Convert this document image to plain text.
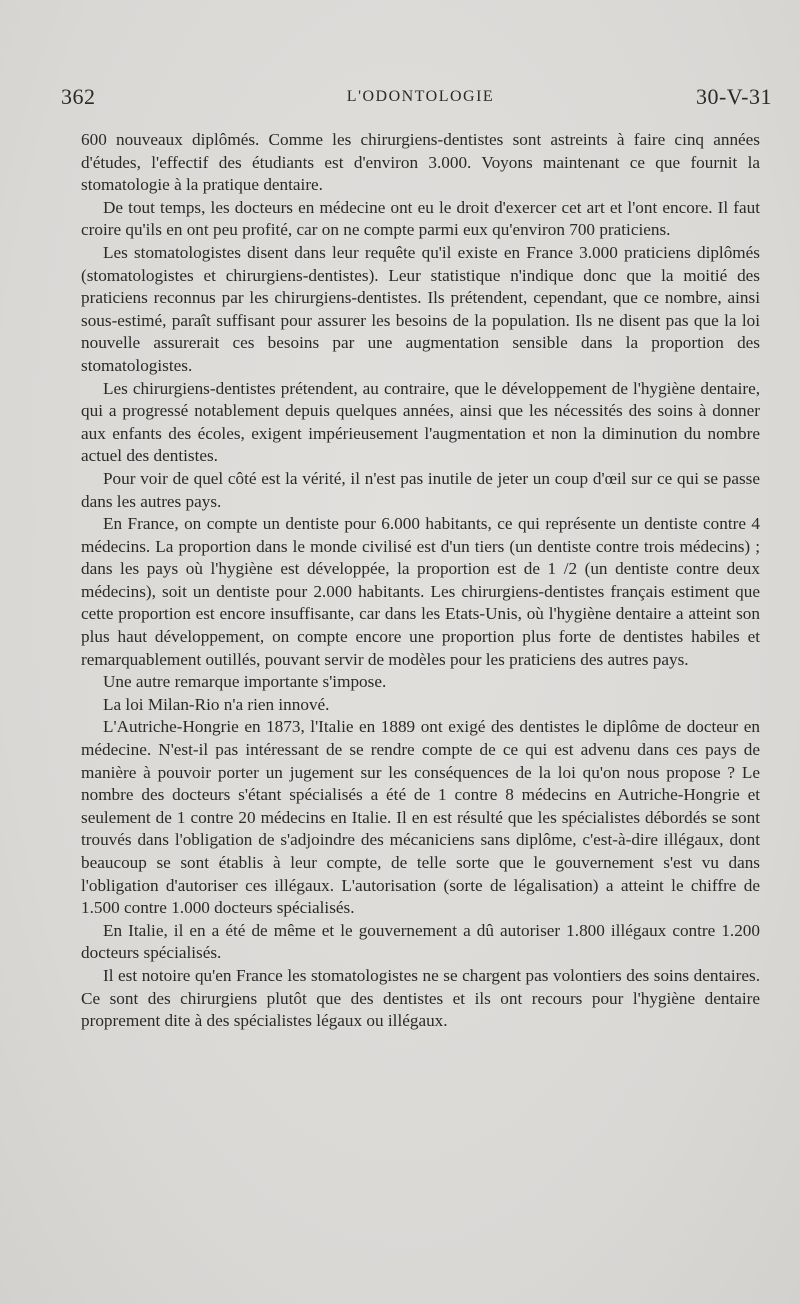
362	L'ODONTOLOGIE	30-V-31

600 nouveaux diplômés. Comme les chirurgiens-dentistes sont astreints à faire cinq années d'études, l'effectif des étudiants est d'environ 3.000. Voyons maintenant ce que fournit la stomatologie à la pratique dentaire.

De tout temps, les docteurs en médecine ont eu le droit d'exercer cet art et l'ont encore. Il faut croire qu'ils en ont peu profité, car on ne compte parmi eux qu'environ 700 praticiens.

Les stomatologistes disent dans leur requête qu'il existe en France 3.000 praticiens diplômés (stomatologistes et chirurgiens-dentistes). Leur statistique n'indique donc que la moitié des praticiens reconnus par les chirurgiens-dentistes. Ils prétendent, cependant, que ce nombre, ainsi sous-estimé, paraît suffisant pour assurer les besoins de la population. Ils ne disent pas que la loi nouvelle assurerait ces besoins par une augmentation sensible dans la proportion des stomatologistes.

Les chirurgiens-dentistes prétendent, au contraire, que le développement de l'hygiène dentaire, qui a progressé notablement depuis quelques années, ainsi que les nécessités des soins à donner aux enfants des écoles, exigent impérieusement l'augmentation et non la diminution du nombre actuel des dentistes.

Pour voir de quel côté est la vérité, il n'est pas inutile de jeter un coup d'œil sur ce qui se passe dans les autres pays.

En France, on compte un dentiste pour 6.000 habitants, ce qui représente un dentiste contre 4 médecins. La proportion dans le monde civilisé est d'un tiers (un dentiste contre trois médecins) ; dans les pays où l'hygiène est développée, la proportion est de 1 /2 (un dentiste contre deux médecins), soit un dentiste pour 2.000 habitants. Les chirurgiens-dentistes français estiment que cette proportion est encore insuffisante, car dans les Etats-Unis, où l'hygiène dentaire a atteint son plus haut développement, on compte encore une proportion plus forte de dentistes habiles et remarquablement outillés, pouvant servir de modèles pour les praticiens des autres pays.

Une autre remarque importante s'impose.

La loi Milan-Rio n'a rien innové.

L'Autriche-Hongrie en 1873, l'Italie en 1889 ont exigé des dentistes le diplôme de docteur en médecine. N'est-il pas intéressant de se rendre compte de ce qui est advenu dans ces pays de manière à pouvoir porter un jugement sur les conséquences de la loi qu'on nous propose ? Le nombre des docteurs s'étant spécialisés a été de 1 contre 8 médecins en Autriche-Hongrie et seulement de 1 contre 20 médecins en Italie. Il en est résulté que les spécialistes débordés se sont trouvés dans l'obligation de s'adjoindre des mécaniciens sans diplôme, c'est-à-dire illégaux, dont beaucoup se sont établis à leur compte, de telle sorte que le gouvernement s'est vu dans l'obligation d'autoriser ces illégaux. L'autorisation (sorte de légalisation) a atteint le chiffre de 1.500 contre 1.000 docteurs spécialisés.

En Italie, il en a été de même et le gouvernement a dû autoriser 1.800 illégaux contre 1.200 docteurs spécialisés.

Il est notoire qu'en France les stomatologistes ne se chargent pas volontiers des soins dentaires. Ce sont des chirurgiens plutôt que des dentistes et ils ont recours pour l'hygiène dentaire proprement dite à des spécialistes légaux ou illégaux.
